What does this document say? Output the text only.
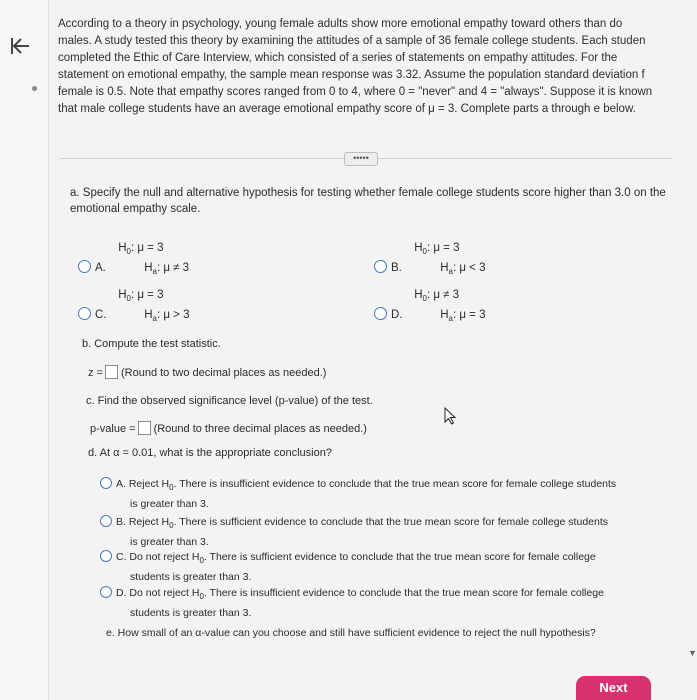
According to a theory in psychology, young female adults show more emotional empathy toward others than do
males. A study tested this theory by examining the attitudes of a sample of 36 female college students. Each studen
completed the Ethic of Care Interview, which consisted of a series of statements on empathy attitudes. For the
statement on emotional empathy, the sample mean response was 3.32. Assume the population standard deviation f
female is 0.5. Note that empathy scores ranged from 0 to 4, where 0 = "never" and 4 = "always". Suppose it is known
that male college students have an average emotional empathy score of μ = 3. Complete parts a through e below.
•••••
a. Specify the null and alternative hypothesis for testing whether female college students score higher than 3.0 on the emotional empathy scale.
A.
$H_0$: μ = 3
$H_a$: μ ≠ 3	B.
$H_0$: μ = 3
$H_a$: μ < 3
C.
$H_0$: μ = 3
$H_a$: μ > 3	D.
$H_0$: μ ≠ 3
$H_a$: μ = 3
b. Compute the test statistic.
z = (Round to two decimal places as needed.)
c. Find the observed significance level (p-value) of the test.
p-value = (Round to three decimal places as needed.)
d. At α = 0.01, what is the appropriate conclusion?
A. Reject $H_0$. There is insufficient evidence to conclude that the true mean score for female college students
is greater than 3.
B. Reject $H_0$. There is sufficient evidence to conclude that the true mean score for female college students
is greater than 3.
C. Do not reject $H_0$. There is sufficient evidence to conclude that the true mean score for female college
students is greater than 3.
D. Do not reject $H_0$. There is insufficient evidence to conclude that the true mean score for female college
students is greater than 3.
e. How small of an α-value can you choose and still have sufficient evidence to reject the null hypothesis?
▼
Next
